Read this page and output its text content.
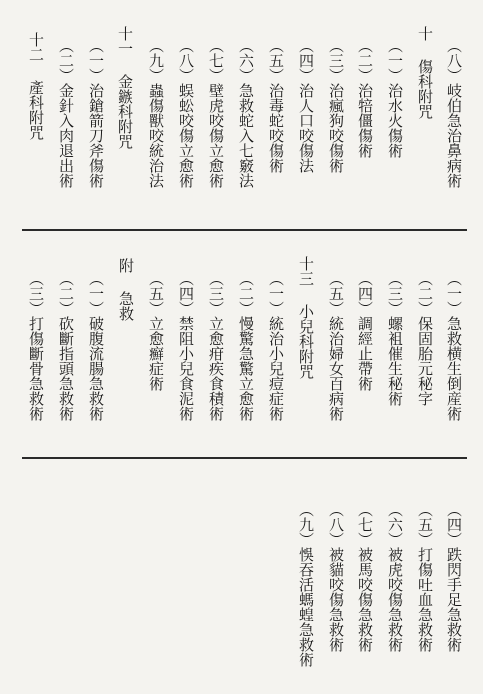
（八）岐伯急治鼻病術
十 傷科附咒
（一）治水火傷術
（二）治犃僵傷術
（三）治瘋狗咬傷術
（四）治人口咬傷法
（五）治毒蛇咬傷術
（六）急救蛇入七竅法
（七）壁虎咬傷立愈術
（八）蜈蚣咬傷立愈術
（九）蟲傷獸咬統治法
十一 金鏃科附咒
（一）治鎗箭刀斧傷術
（二）金針入肉退出術
十二 產科附咒
（一）急救横生倒産術
（二）保固胎元秘字
（三）螺袓催生秘術
（四）調經止帶術
（五）統治婦女百病術
十三 小兒科附咒
（一）統治小兒痘症術
（二）慢驚急驚立愈術
（三）立愈疳疾食積術
（四）禁阻小兒食泥術
（五）立愈癬症術
附 急救
（一）破腹流腸急救術
（二）砍斷指頭急救術
（三）打傷斷骨急救術
（四）跌閃手足急救術
（五）打傷吐血急救術
（六）被虎咬傷急救術
（七）被馬咬傷急救術
（八）被貓咬傷急救術
（九）悞吞活螞蝗急救術
